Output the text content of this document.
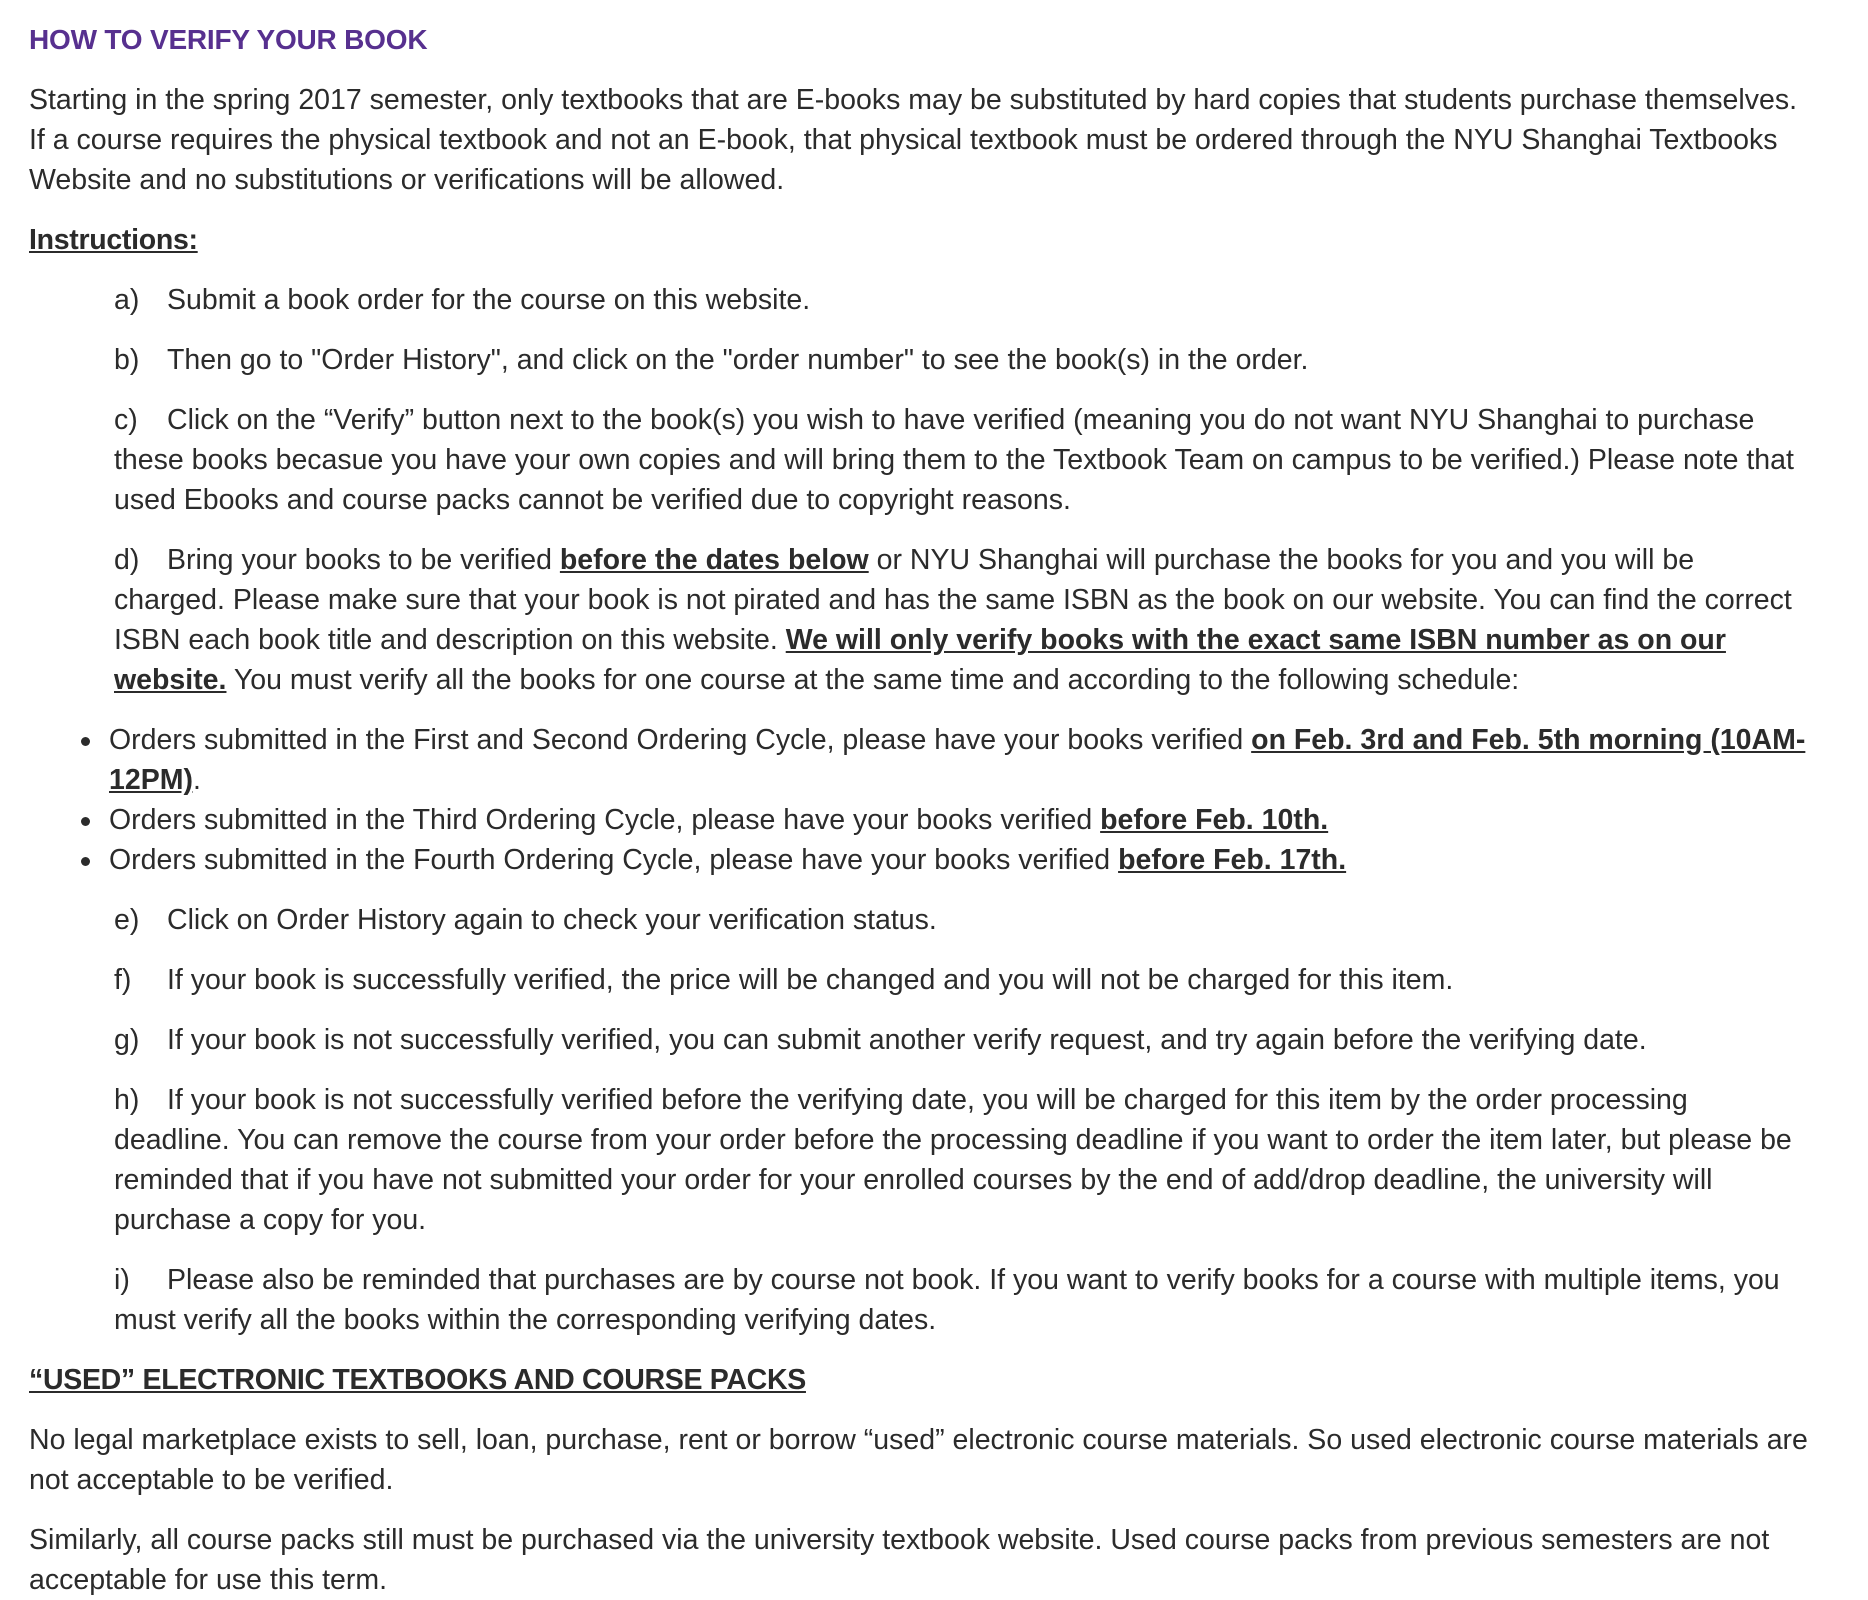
HOW TO VERIFY YOUR BOOK

Starting in the spring 2017 semester, only textbooks that are E-books may be substituted by hard copies that students purchase themselves. If a course requires the physical textbook and not an E-book, that physical textbook must be ordered through the NYU Shanghai Textbooks Website and no substitutions or verifications will be allowed.

Instructions:

a) Submit a book order for the course on this website.

b) Then go to "Order History", and click on the "order number" to see the book(s) in the order.

c) Click on the “Verify” button next to the book(s) you wish to have verified (meaning you do not want NYU Shanghai to purchase these books becasue you have your own copies and will bring them to the Textbook Team on campus to be verified.) Please note that used Ebooks and course packs cannot be verified due to copyright reasons.

d) Bring your books to be verified before the dates below or NYU Shanghai will purchase the books for you and you will be charged. Please make sure that your book is not pirated and has the same ISBN as the book on our website. You can find the correct ISBN each book title and description on this website. We will only verify books with the exact same ISBN number as on our website. You must verify all the books for one course at the same time and according to the following schedule:

Orders submitted in the First and Second Ordering Cycle, please have your books verified on Feb. 3rd and Feb. 5th morning (10AM-12PM).
Orders submitted in the Third Ordering Cycle, please have your books verified before Feb. 10th.
Orders submitted in the Fourth Ordering Cycle, please have your books verified before Feb. 17th.

e) Click on Order History again to check your verification status.

f) If your book is successfully verified, the price will be changed and you will not be charged for this item.

g) If your book is not successfully verified, you can submit another verify request, and try again before the verifying date.

h) If your book is not successfully verified before the verifying date, you will be charged for this item by the order processing deadline. You can remove the course from your order before the processing deadline if you want to order the item later, but please be reminded that if you have not submitted your order for your enrolled courses by the end of add/drop deadline, the university will purchase a copy for you.

i) Please also be reminded that purchases are by course not book. If you want to verify books for a course with multiple items, you must verify all the books within the corresponding verifying dates.

“USED” ELECTRONIC TEXTBOOKS AND COURSE PACKS

No legal marketplace exists to sell, loan, purchase, rent or borrow “used” electronic course materials. So used electronic course materials are not acceptable to be verified.

Similarly, all course packs still must be purchased via the university textbook website. Used course packs from previous semesters are not acceptable for use this term.
